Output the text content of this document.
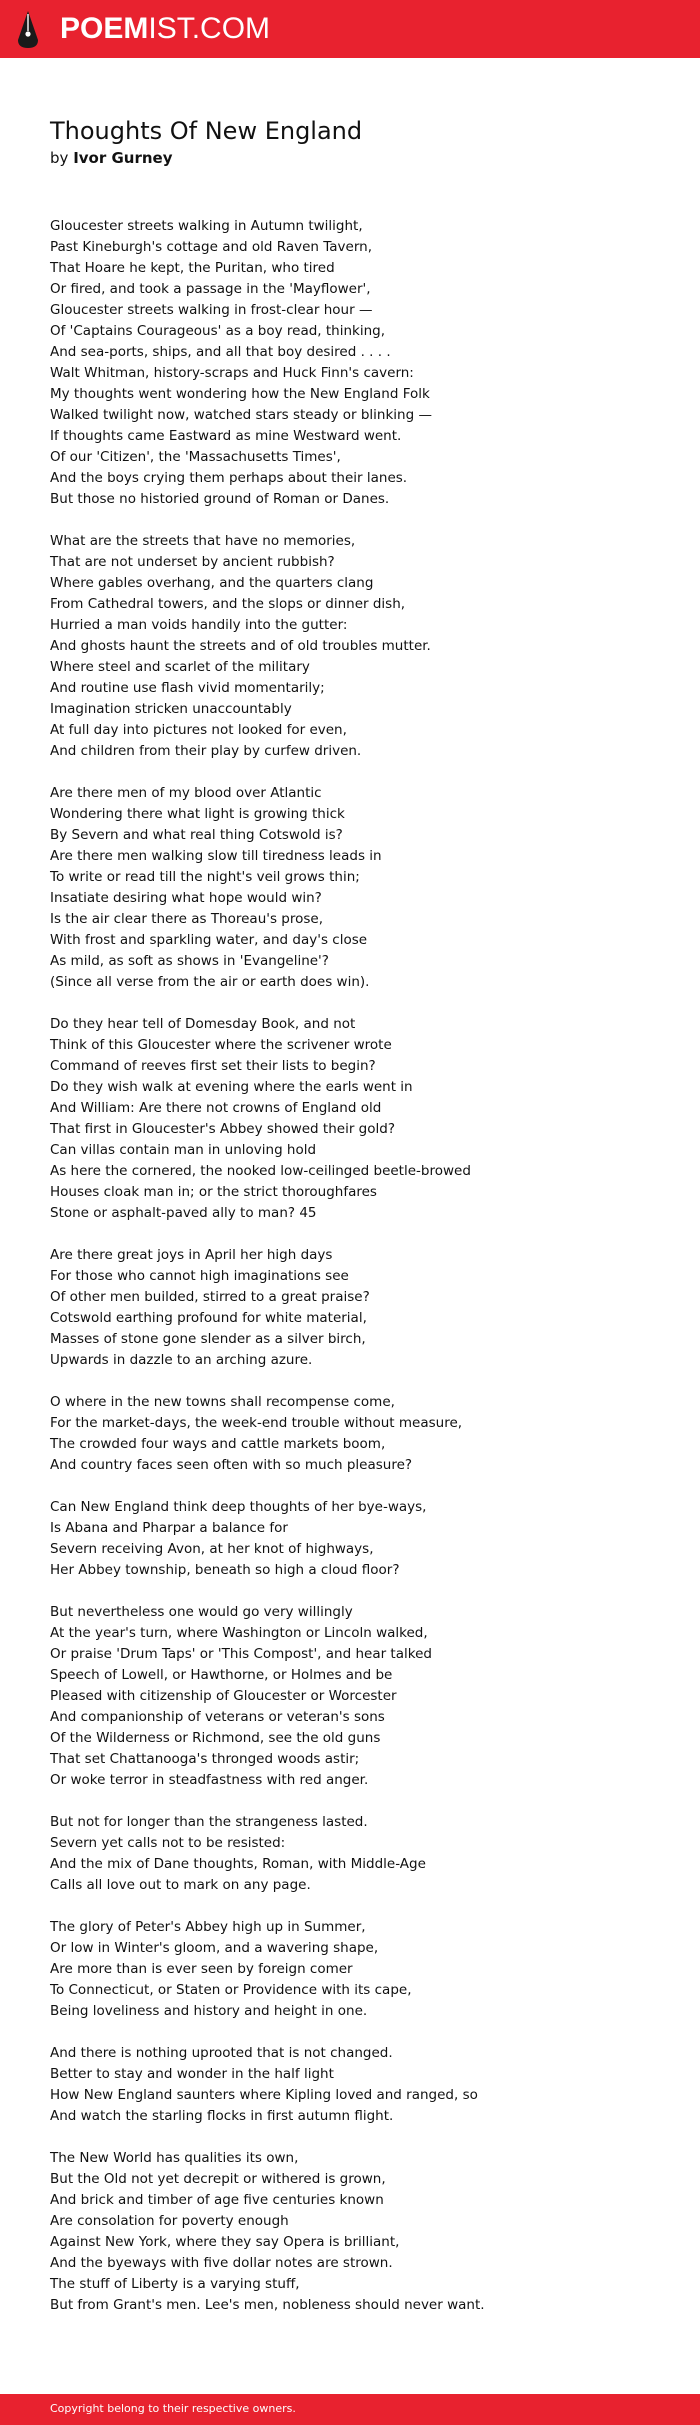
POEMIST.COM
Thoughts Of New England
by Ivor Gurney
Gloucester streets walking in Autumn twilight,
Past Kineburgh's cottage and old Raven Tavern,
That Hoare he kept, the Puritan, who tired
Or fired, and took a passage in the 'Mayflower',
Gloucester streets walking in frost-clear hour —
Of 'Captains Courageous' as a boy read, thinking,
And sea-ports, ships, and all that boy desired . . . .
Walt Whitman, history-scraps and Huck Finn's cavern:
My thoughts went wondering how the New England Folk
Walked twilight now, watched stars steady or blinking —
If thoughts came Eastward as mine Westward went.
Of our 'Citizen', the 'Massachusetts Times',
And the boys crying them perhaps about their lanes.
But those no historied ground of Roman or Danes.
What are the streets that have no memories,
That are not underset by ancient rubbish?
Where gables overhang, and the quarters clang
From Cathedral towers, and the slops or dinner dish,
Hurried a man voids handily into the gutter:
And ghosts haunt the streets and of old troubles mutter.
Where steel and scarlet of the military
And routine use flash vivid momentarily;
Imagination stricken unaccountably
At full day into pictures not looked for even,
And children from their play by curfew driven.
Are there men of my blood over Atlantic
Wondering there what light is growing thick
By Severn and what real thing Cotswold is?
Are there men walking slow till tiredness leads in
To write or read till the night's veil grows thin;
Insatiate desiring what hope would win?
Is the air clear there as Thoreau's prose,
With frost and sparkling water, and day's close
As mild, as soft as shows in 'Evangeline'?
(Since all verse from the air or earth does win).
Do they hear tell of Domesday Book, and not
Think of this Gloucester where the scrivener wrote
Command of reeves first set their lists to begin?
Do they wish walk at evening where the earls went in
And William: Are there not crowns of England old
That first in Gloucester's Abbey showed their gold?
Can villas contain man in unloving hold
As here the cornered, the nooked low-ceilinged beetle-browed
Houses cloak man in; or the strict thoroughfares
Stone or asphalt-paved ally to man? 45
Are there great joys in April her high days
For those who cannot high imaginations see
Of other men builded, stirred to a great praise?
Cotswold earthing profound for white material,
Masses of stone gone slender as a silver birch,
Upwards in dazzle to an arching azure.
O where in the new towns shall recompense come,
For the market-days, the week-end trouble without measure,
The crowded four ways and cattle markets boom,
And country faces seen often with so much pleasure?
Can New England think deep thoughts of her bye-ways,
Is Abana and Pharpar a balance for
Severn receiving Avon, at her knot of highways,
Her Abbey township, beneath so high a cloud floor?
But nevertheless one would go very willingly
At the year's turn, where Washington or Lincoln walked,
Or praise 'Drum Taps' or 'This Compost', and hear talked
Speech of Lowell, or Hawthorne, or Holmes and be
Pleased with citizenship of Gloucester or Worcester
And companionship of veterans or veteran's sons
Of the Wilderness or Richmond, see the old guns
That set Chattanooga's thronged woods astir;
Or woke terror in steadfastness with red anger.
But not for longer than the strangeness lasted.
Severn yet calls not to be resisted:
And the mix of Dane thoughts, Roman, with Middle-Age
Calls all love out to mark on any page.
The glory of Peter's Abbey high up in Summer,
Or low in Winter's gloom, and a wavering shape,
Are more than is ever seen by foreign comer
To Connecticut, or Staten or Providence with its cape,
Being loveliness and history and height in one.
And there is nothing uprooted that is not changed.
Better to stay and wonder in the half light
How New England saunters where Kipling loved and ranged, so
And watch the starling flocks in first autumn flight.
The New World has qualities its own,
But the Old not yet decrepit or withered is grown,
And brick and timber of age five centuries known
Are consolation for poverty enough
Against New York, where they say Opera is brilliant,
And the byeways with five dollar notes are strown.
The stuff of Liberty is a varying stuff,
But from Grant's men. Lee's men, nobleness should never want.
Copyright belong to their respective owners.
